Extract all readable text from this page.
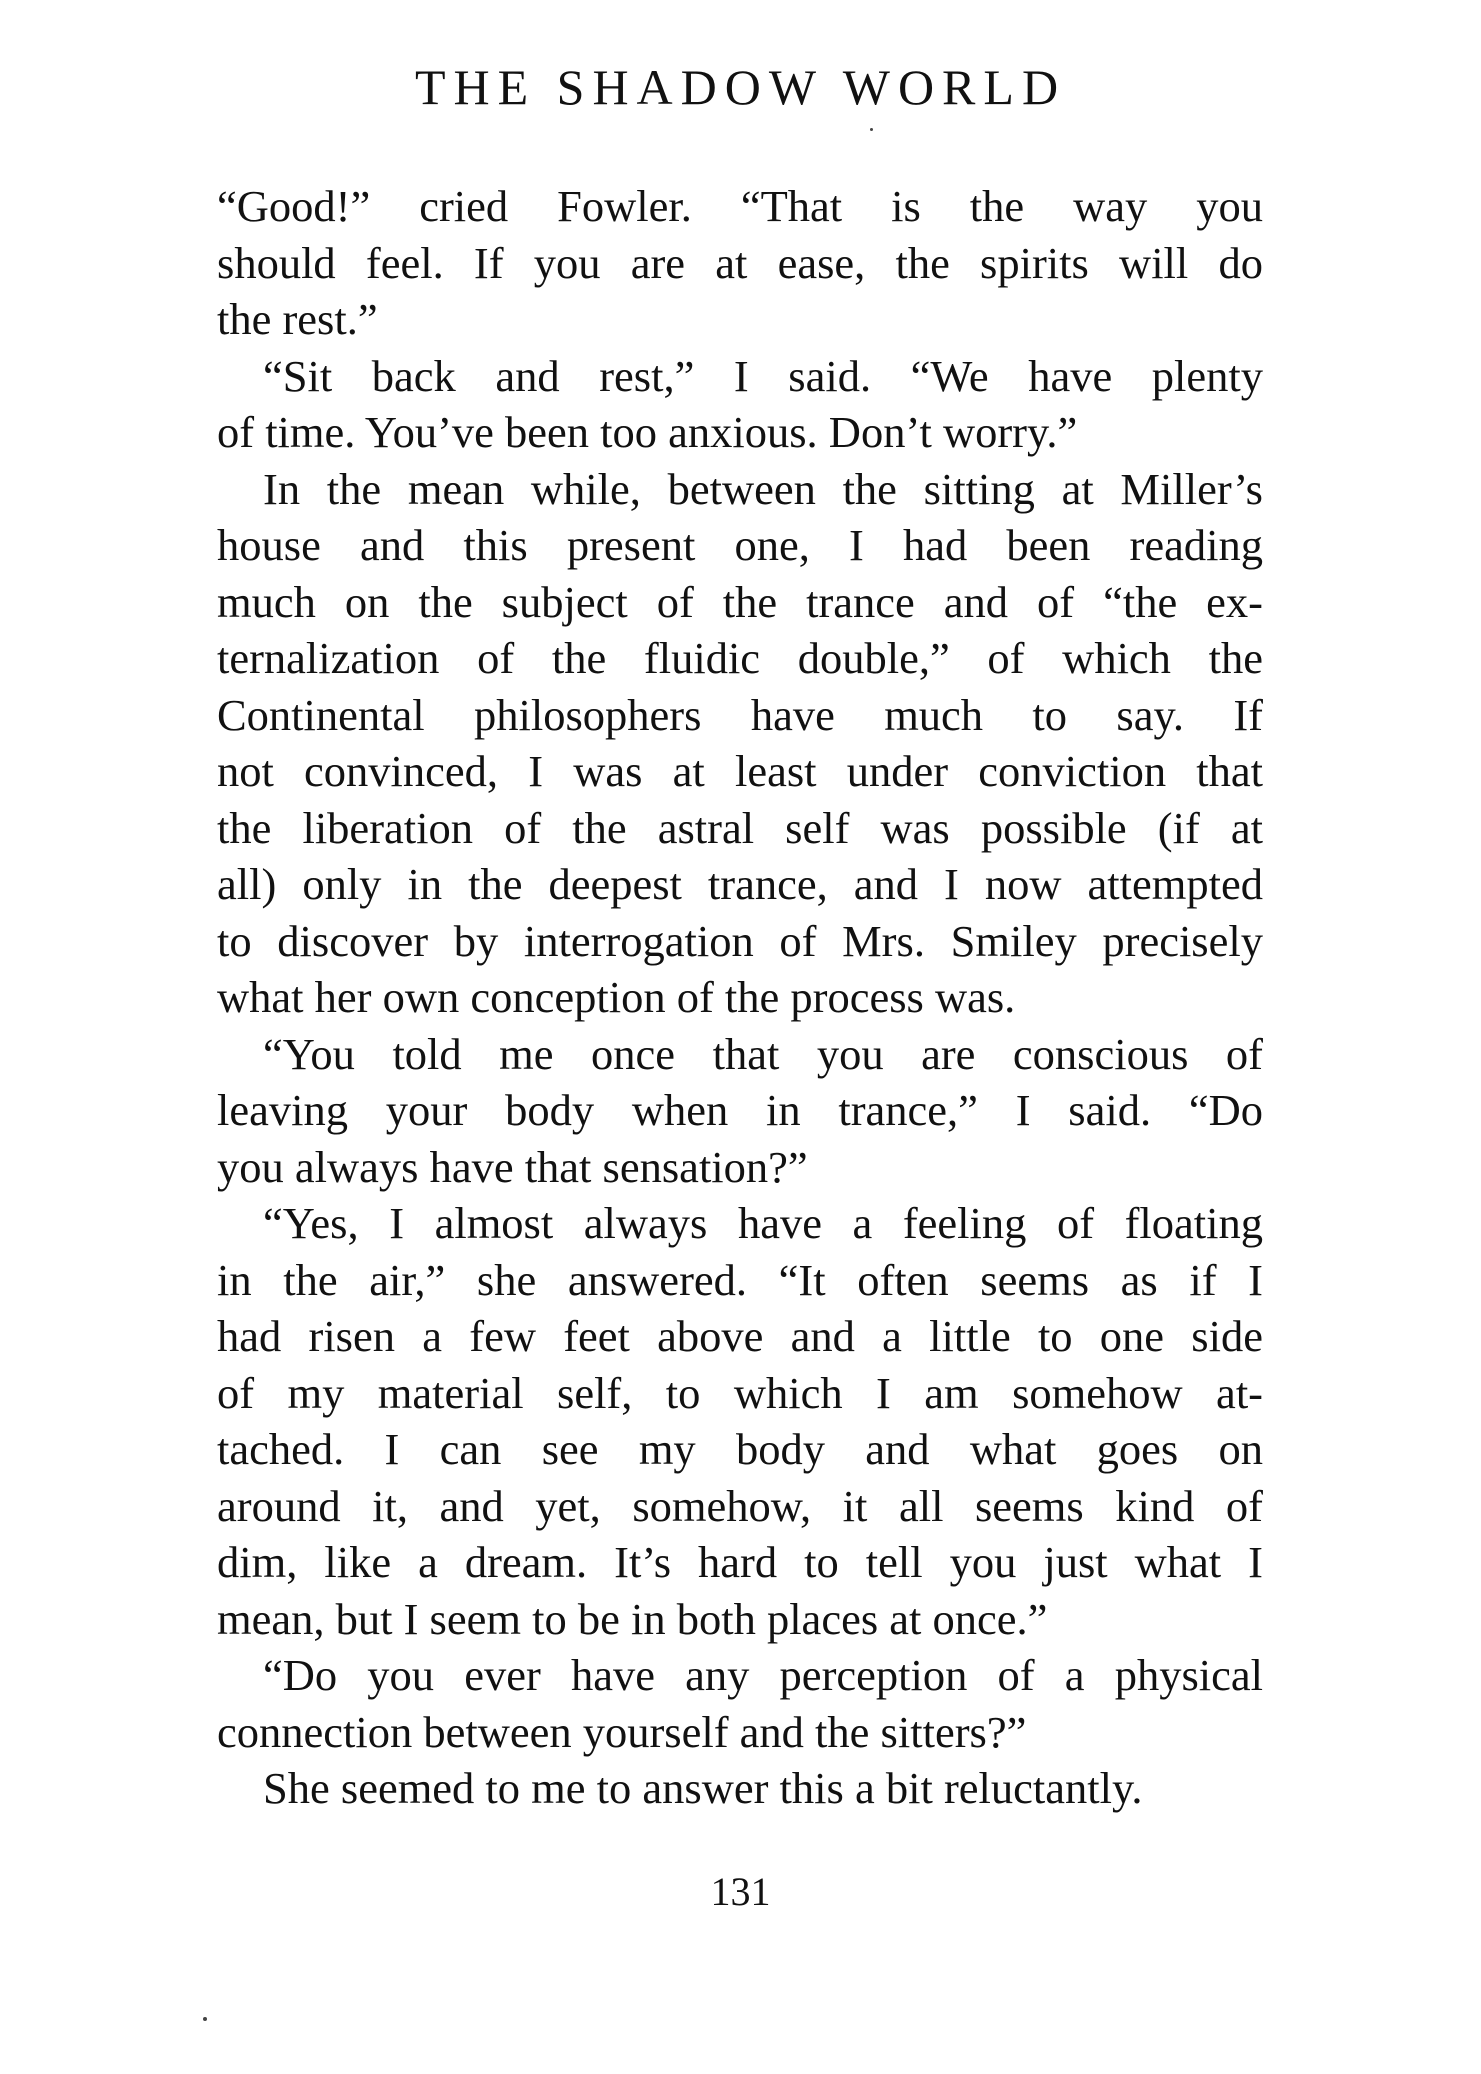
THE SHADOW WORLD
“Good!” cried Fowler. “That is the way you
should feel. If you are at ease, the spirits will do
the rest.”
“Sit back and rest,” I said. “We have plenty
of time. You’ve been too anxious. Don’t worry.”
In the mean while, between the sitting at Miller’s
house and this present one, I had been reading
much on the subject of the trance and of “the ex-
ternalization of the fluidic double,” of which the
Continental philosophers have much to say. If
not convinced, I was at least under conviction that
the liberation of the astral self was possible (if at
all) only in the deepest trance, and I now attempted
to discover by interrogation of Mrs. Smiley precisely
what her own conception of the process was.
“You told me once that you are conscious of
leaving your body when in trance,” I said. “Do
you always have that sensation?”
“Yes, I almost always have a feeling of floating
in the air,” she answered. “It often seems as if I
had risen a few feet above and a little to one side
of my material self, to which I am somehow at-
tached. I can see my body and what goes on
around it, and yet, somehow, it all seems kind of
dim, like a dream. It’s hard to tell you just what I
mean, but I seem to be in both places at once.”
“Do you ever have any perception of a physical
connection between yourself and the sitters?”
She seemed to me to answer this a bit reluctantly.
131
